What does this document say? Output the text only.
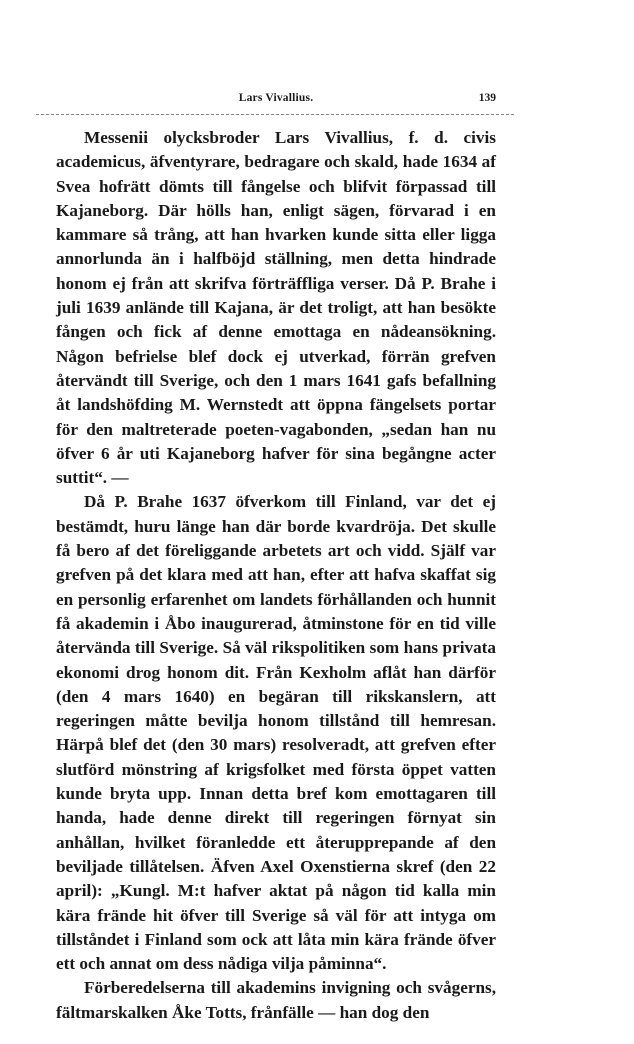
Lars Vivallius.	139

Messenii olycksbroder Lars Vivallius, f. d. civis academicus, äfventyrare, bedragare och skald, hade 1634 af Svea hofrätt dömts till fångelse och blifvit förpassad till Kajaneborg. Där hölls han, enligt sägen, förvarad i en kammare så trång, att han hvarken kunde sitta eller ligga annorlunda än i halfböjd ställning, men detta hindrade honom ej från att skrifva förträffliga verser. Då P. Brahe i juli 1639 anlände till Kajana, är det troligt, att han besökte fången och fick af denne emottaga en nådeansökning. Någon befrielse blef dock ej utverkad, förrän grefven återvändt till Sverige, och den 1 mars 1641 gafs befallning åt landshöfding M. Wernstedt att öppna fängelsets portar för den maltreterade poeten-vagabonden, „sedan han nu öfver 6 år uti Kajaneborg hafver för sina begångne acter suttit“. —

Då P. Brahe 1637 öfverkom till Finland, var det ej bestämdt, huru länge han där borde kvardröja. Det skulle få bero af det föreliggande arbetets art och vidd. Själf var grefven på det klara med att han, efter att hafva skaffat sig en personlig erfarenhet om landets förhållanden och hunnit få akademin i Åbo inaugurerad, åtminstone för en tid ville återvända till Sverige. Så väl rikspolitiken som hans privata ekonomi drog honom dit. Från Kexholm aflåt han därför (den 4 mars 1640) en begäran till rikskanslern, att regeringen måtte bevilja honom tillstånd till hemresan. Härpå blef det (den 30 mars) resolveradt, att grefven efter slutförd mönstring af krigsfolket med första öppet vatten kunde bryta upp. Innan detta bref kom emottagaren till handa, hade denne direkt till regeringen förnyat sin anhållan, hvilket föranledde ett återupprepande af den beviljade tillåtelsen. Äfven Axel Oxenstierna skref (den 22 april): „Kungl. M:t hafver aktat på någon tid kalla min kära frände hit öfver till Sverige så väl för att intyga om tillståndet i Finland som ock att låta min kära frände öfver ett och annat om dess nådiga vilja påminna“.

Förberedelserna till akademins invigning och svågerns, fältmarskalken Åke Totts, frånfälle — han dog den
